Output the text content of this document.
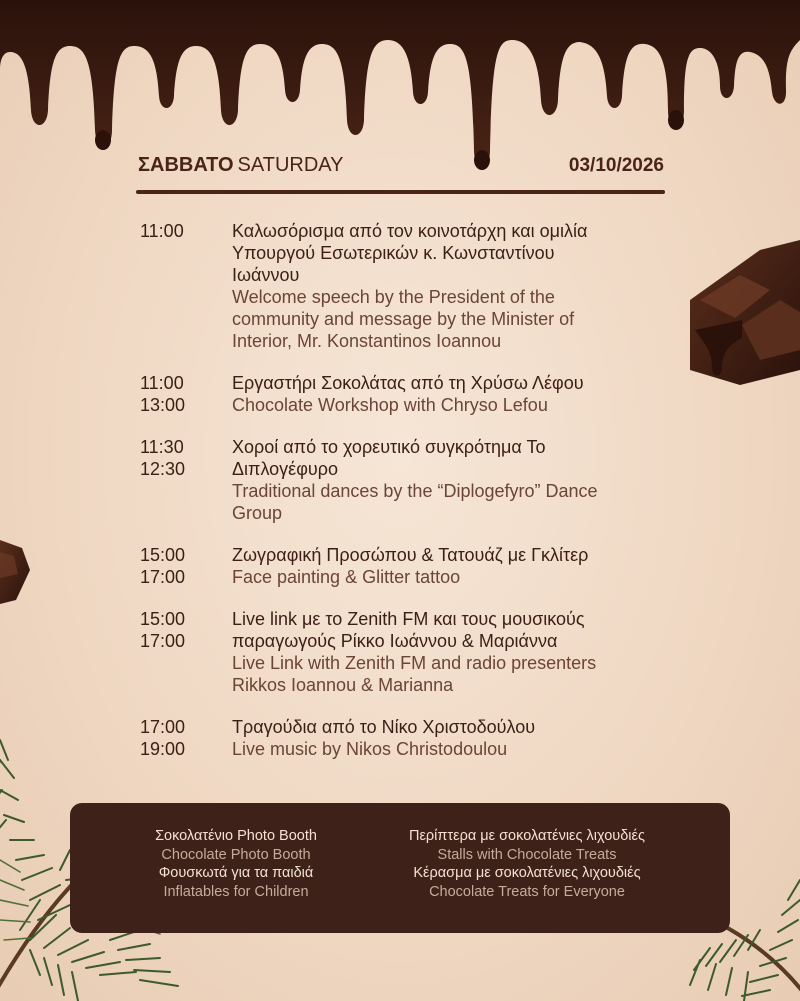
ΣΑΒΒΑΤΟ SATURDAY	03/10/2026
11:00	Καλωσόρισμα από τον κοινοτάρχη και ομιλία
Υπουργού Εσωτερικών κ. Κωνσταντίνου
Ιωάννου
Welcome speech by the President of the
community and message by the Minister of
Interior, Mr. Konstantinos Ioannou
11:00
13:00
Εργαστήρι Σοκολάτας από τη Χρύσω Λέφου
Chocolate Workshop with Chryso Lefou
11:30
12:30
Χοροί από το χορευτικό συγκρότημα Το
Διπλογέφυρο
Traditional dances by the “Diplogefyro” Dance
Group
15:00
17:00
Ζωγραφική Προσώπου & Τατουάζ με Γκλίτερ
Face painting & Glitter tattoo
15:00
17:00
Live link με το Zenith FM και τους μουσικούς
παραγωγούς Ρίκκο Ιωάννου & Μαριάννα
Live Link with Zenith FM and radio presenters
Rikkos Ioannou & Marianna
17:00
19:00
Τραγούδια από το Νίκο Χριστοδούλου
Live music by Nikos Christodoulou
Σοκολατένιο Photo Booth
Chocolate Photo Booth
Φουσκωτά για τα παιδιά
Inflatables for Children
Περίπτερα με σοκολατένιες λιχουδιές
Stalls with Chocolate Treats
Κέρασμα με σοκολατένιες λιχουδιές
Chocolate Treats for Everyone
